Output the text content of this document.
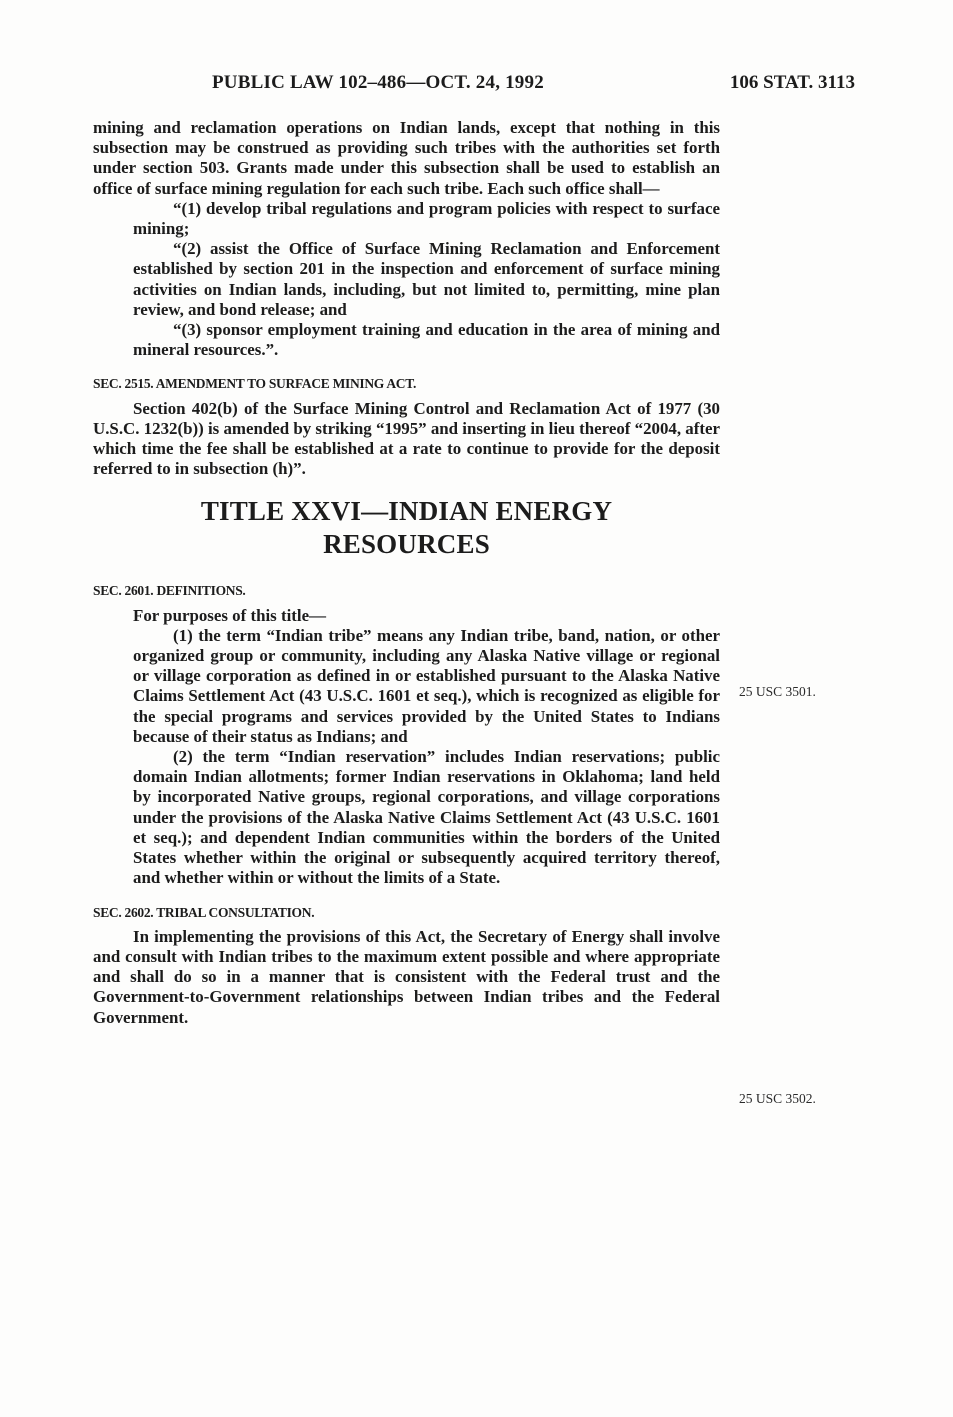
PUBLIC LAW 102–486—OCT. 24, 1992	106 STAT. 3113

mining and reclamation operations on Indian lands, except that nothing in this subsection may be construed as providing such tribes with the authorities set forth under section 503. Grants made under this subsection shall be used to establish an office of surface mining regulation for each such tribe. Each such office shall—

“(1) develop tribal regulations and program policies with respect to surface mining;

“(2) assist the Office of Surface Mining Reclamation and Enforcement established by section 201 in the inspection and enforcement of surface mining activities on Indian lands, including, but not limited to, permitting, mine plan review, and bond release; and

“(3) sponsor employment training and education in the area of mining and mineral resources.”.

SEC. 2515. AMENDMENT TO SURFACE MINING ACT.

Section 402(b) of the Surface Mining Control and Reclamation Act of 1977 (30 U.S.C. 1232(b)) is amended by striking “1995” and inserting in lieu thereof “2004, after which time the fee shall be established at a rate to continue to provide for the deposit referred to in subsection (h)”.

TITLE XXVI—INDIAN ENERGY
RESOURCES
SEC. 2601. DEFINITIONS.

For purposes of this title—

(1) the term “Indian tribe” means any Indian tribe, band, nation, or other organized group or community, including any Alaska Native village or regional or village corporation as defined in or established pursuant to the Alaska Native Claims Settlement Act (43 U.S.C. 1601 et seq.), which is recognized as eligible for the special programs and services provided by the United States to Indians because of their status as Indians; and

(2) the term “Indian reservation” includes Indian reservations; public domain Indian allotments; former Indian reservations in Oklahoma; land held by incorporated Native groups, regional corporations, and village corporations under the provisions of the Alaska Native Claims Settlement Act (43 U.S.C. 1601 et seq.); and dependent Indian communities within the borders of the United States whether within the original or subsequently acquired territory thereof, and whether within or without the limits of a State.

SEC. 2602. TRIBAL CONSULTATION.

In implementing the provisions of this Act, the Secretary of Energy shall involve and consult with Indian tribes to the maximum extent possible and where appropriate and shall do so in a manner that is consistent with the Federal trust and the Government-to-Government relationships between Indian tribes and the Federal Government.

25 USC 3501.
25 USC 3502.
